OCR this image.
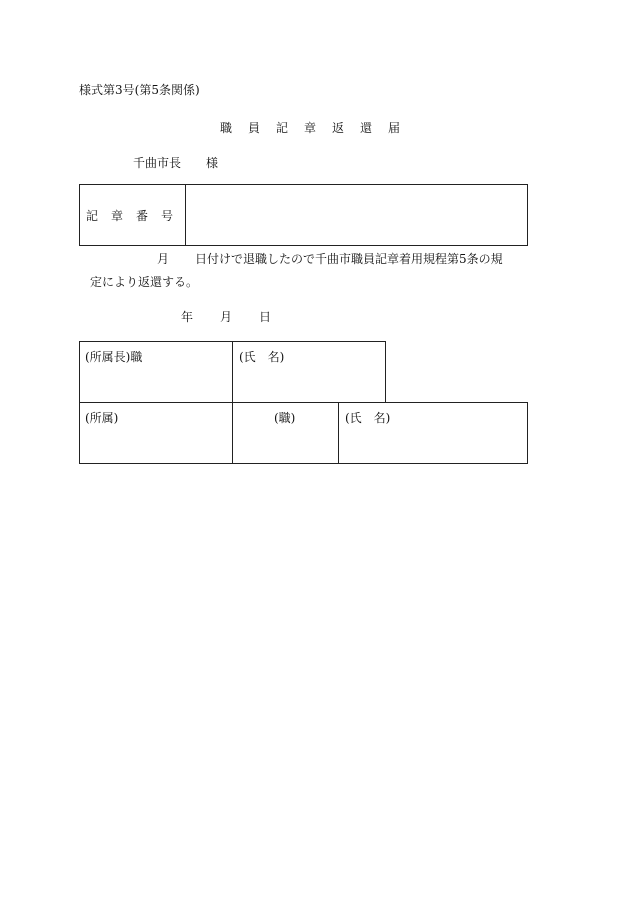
様式第3号(第5条関係)
職員記章返還届
千曲市長 様
記章番号
月 日付けで退職したので千曲市職員記章着用規程第5条の規
定により返還する。
年 月 日
(所属長)職	(氏　名)
(所属)	(職)	(氏　名)
